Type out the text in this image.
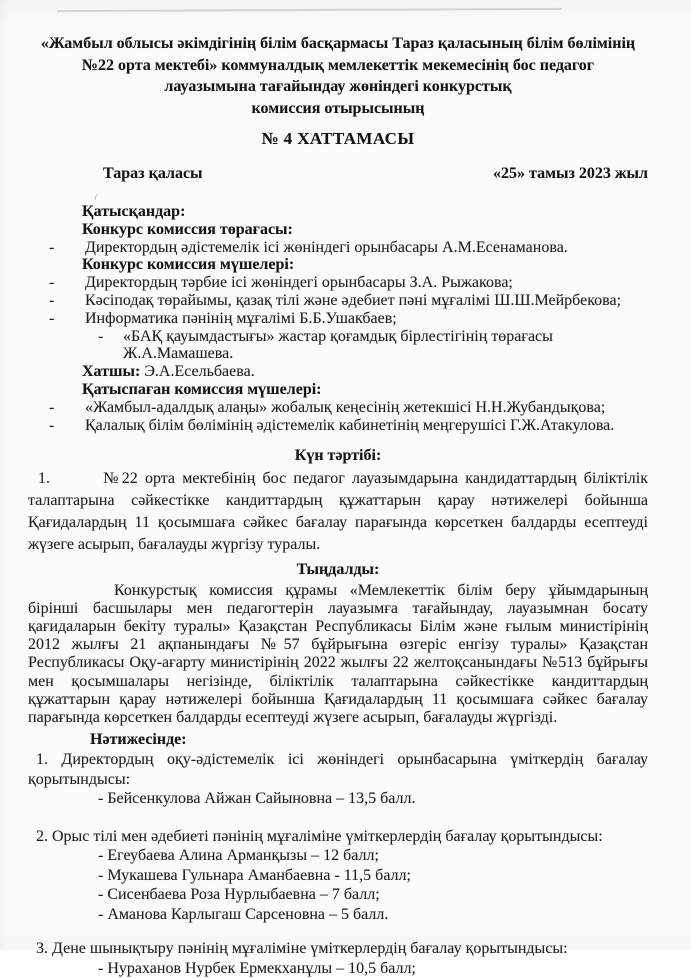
«Жамбыл облысы әкімдігінің білім басқармасы Тараз қаласының білім бөлімінің
№22 орта мектебі» коммуналдық мемлекеттік мекемесінің бос педагог
лауазымына тағайындау жөніндегі конкурстық
комиссия отырысының
№ 4 ХАТТАМАСЫ
Тараз қаласы	«25» тамыз 2023 жыл
Қатысқандар:
Конкурс комиссия төрағасы:
-	Директордың әдістемелік ісі жөніндегі орынбасары А.М.Есенаманова.
Конкурс комиссия мүшелері:
-	Директордың тәрбие ісі жөніндегі орынбасары З.А. Рыжакова;
-	Кәсіподақ төрайымы, қазақ тілі және әдебиет пәні мұғалімі Ш.Ш.Мейрбекова;
-	Информатика пәнінің мұғалімі Б.Б.Ушакбаев;
-	«БАҚ қауымдастығы» жастар қоғамдық бірлестігінің төрағасы Ж.А.Мамашева.
Хатшы: Э.А.Есельбаева.
Қатыспаған комиссия мүшелері:
-	«Жамбыл-адалдық алаңы» жобалық кеңесінің жетекшісі Н.Н.Жубандықова;
-	Қалалық білім бөлімінің әдістемелік кабинетінің меңгерушісі Г.Ж.Атакулова.
Күн тәртібі:

1.	№22 орта мектебінің бос педагог лауазымдарына кандидаттардың біліктілік талаптарына сәйкестікке кандиттардың құжаттарын қарау нәтижелері бойынша Қағидалардың 11 қосымшаға сәйкес бағалау парағында көрсеткен балдарды есептеуді жүзеге асырып, бағалауды жүргізу туралы.

Тыңдалды:

Конкурстық комиссия құрамы «Мемлекеттік білім беру ұйымдарының бірінші басшылары мен педагогтерін лауазымға тағайындау, лауазымнан босату қағидаларын бекіту туралы» Қазақстан Республикасы Білім және ғылым министірінің 2012 жылғы 21 ақпанындағы №57 бұйрығына өзгеріс енгізу туралы» Қазақстан Республикасы Оқу-ағарту министірінің 2022 жылғы 22 желтоқсанындағы №513 бұйрығы мен қосымшалары негізінде, біліктілік талаптарына сәйкестікке кандиттардың құжаттарын қарау нәтижелері бойынша Қағидалардың 11 қосымшаға сәйкес бағалау парағында көрсеткен балдарды есептеуді жүзеге асырып, бағалауды жүргізді.

Нәтижесінде:
1. Директордың оқу-әдістемелік ісі жөніндегі орынбасарына үміткердің бағалау қорытындысы:
- Бейсенкулова Айжан Сайыновна – 13,5 балл.
2. Орыс тілі мен әдебиеті пәнінің мұғаліміне үміткерлердің бағалау қорытындысы:
- Егеубаева Алина Арманқызы – 12 балл;
- Мукашева Гульнара Аманбаевна - 11,5 балл;
- Сисенбаева Роза Нурлыбаевна – 7 балл;
- Аманова Карлыгаш Сарсеновна – 5 балл.
3. Дене шынықтыру пәнінің мұғаліміне үміткерлердің бағалау қорытындысы:
- Нураханов Нурбек Ермекханұлы – 10,5 балл;
